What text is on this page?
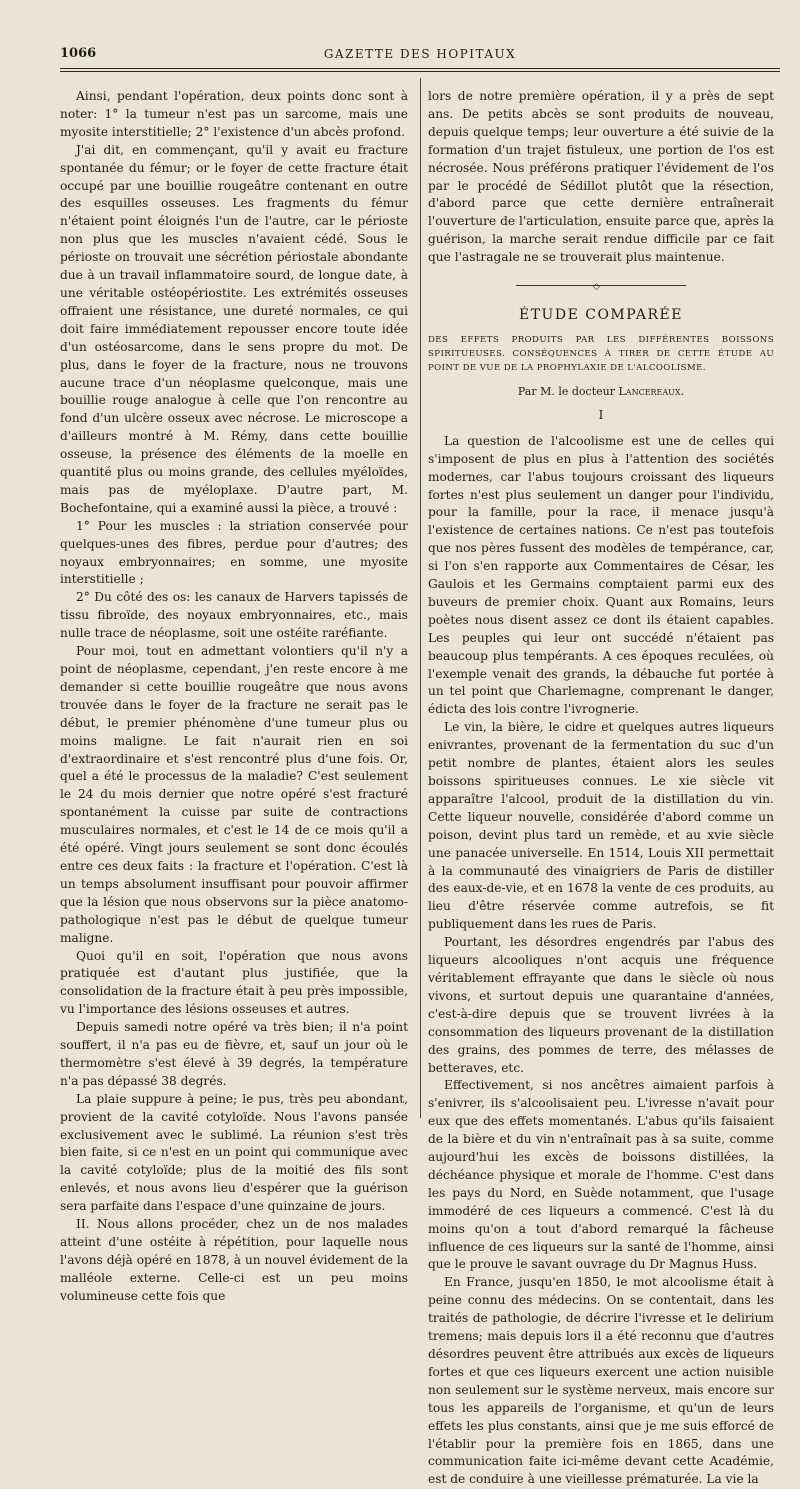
1066	GAZETTE DES HOPITAUX

Ainsi, pendant l'opération, deux points donc sont à noter: 1° la tumeur n'est pas un sarcome, mais une myosite interstitielle; 2° l'existence d'un abcès profond.

J'ai dit, en commençant, qu'il y avait eu fracture spontanée du fémur; or le foyer de cette fracture était occupé par une bouillie rougeâtre contenant en outre des esquilles osseuses. Les fragments du fémur n'étaient point éloignés l'un de l'autre, car le périoste non plus que les muscles n'avaient cédé. Sous le périoste on trouvait une sécrétion périostale abondante due à un travail inflammatoire sourd, de longue date, à une véritable ostéopériostite. Les extrémités osseuses offraient une résistance, une dureté normales, ce qui doit faire immédiatement repousser encore toute idée d'un ostéosarcome, dans le sens propre du mot. De plus, dans le foyer de la fracture, nous ne trouvons aucune trace d'un néoplasme quelconque, mais une bouillie rouge analogue à celle que l'on rencontre au fond d'un ulcère osseux avec nécrose. Le microscope a d'ailleurs montré à M. Rémy, dans cette bouillie osseuse, la présence des éléments de la moelle en quantité plus ou moins grande, des cellules myéloïdes, mais pas de myéloplaxe. D'autre part, M. Bochefontaine, qui a examiné aussi la pièce, a trouvé :

1° Pour les muscles : la striation conservée pour quelques-unes des fibres, perdue pour d'autres; des noyaux embryonnaires; en somme, une myosite interstitielle ;

2° Du côté des os: les canaux de Harvers tapissés de tissu fibroïde, des noyaux embryonnaires, etc., mais nulle trace de néoplasme, soit une ostéite raréfiante.

Pour moi, tout en admettant volontiers qu'il n'y a point de néoplasme, cependant, j'en reste encore à me demander si cette bouillie rougeâtre que nous avons trouvée dans le foyer de la fracture ne serait pas le début, le premier phénomène d'une tumeur plus ou moins maligne. Le fait n'aurait rien en soi d'extraordinaire et s'est rencontré plus d'une fois. Or, quel a été le processus de la maladie? C'est seulement le 24 du mois dernier que notre opéré s'est fracturé spontanément la cuisse par suite de contractions musculaires normales, et c'est le 14 de ce mois qu'il a été opéré. Vingt jours seulement se sont donc écoulés entre ces deux faits : la fracture et l'opération. C'est là un temps absolument insuffisant pour pouvoir affirmer que la lésion que nous observons sur la pièce anatomo-pathologique n'est pas le début de quelque tumeur maligne.

Quoi qu'il en soit, l'opération que nous avons pratiquée est d'autant plus justifiée, que la consolidation de la fracture était à peu près impossible, vu l'importance des lésions osseuses et autres.

Depuis samedi notre opéré va très bien; il n'a point souffert, il n'a pas eu de fièvre, et, sauf un jour où le thermomètre s'est élevé à 39 degrés, la température n'a pas dépassé 38 degrés.

La plaie suppure à peine; le pus, très peu abondant, provient de la cavité cotyloïde. Nous l'avons pansée exclusivement avec le sublimé. La réunion s'est très bien faite, si ce n'est en un point qui communique avec la cavité cotyloïde; plus de la moitié des fils sont enlevés, et nous avons lieu d'espérer que la guérison sera parfaite dans l'espace d'une quinzaine de jours.

II. Nous allons procéder, chez un de nos malades atteint d'une ostéite à répétition, pour laquelle nous l'avons déjà opéré en 1878, à un nouvel évidement de la malléole externe. Celle-ci est un peu moins volumineuse cette fois que

lors de notre première opération, il y a près de sept ans. De petits abcès se sont produits de nouveau, depuis quelque temps; leur ouverture a été suivie de la formation d'un trajet fistuleux, une portion de l'os est nécrosée. Nous préférons pratiquer l'évidement de l'os par le procédé de Sédillot plutôt que la résection, d'abord parce que cette dernière entraînerait l'ouverture de l'articulation, ensuite parce que, après la guérison, la marche serait rendue difficile par ce fait que l'astragale ne se trouverait plus maintenue.

◇
ÉTUDE COMPARÉE
DES EFFETS PRODUITS PAR LES DIFFÉRENTES BOISSONS SPIRITUEUSES. CONSÉQUENCES À TIRER DE CETTE ÉTUDE AU POINT DE VUE DE LA PROPHYLAXIE DE L'ALCOOLISME.
Par M. le docteur Lancereaux.
I

La question de l'alcoolisme est une de celles qui s'imposent de plus en plus à l'attention des sociétés modernes, car l'abus toujours croissant des liqueurs fortes n'est plus seulement un danger pour l'individu, pour la famille, pour la race, il menace jusqu'à l'existence de certaines nations. Ce n'est pas toutefois que nos pères fussent des modèles de tempérance, car, si l'on s'en rapporte aux Commentaires de César, les Gaulois et les Germains comptaient parmi eux des buveurs de premier choix. Quant aux Romains, leurs poètes nous disent assez ce dont ils étaient capables. Les peuples qui leur ont succédé n'étaient pas beaucoup plus tempérants. A ces époques reculées, où l'exemple venait des grands, la débauche fut portée à un tel point que Charlemagne, comprenant le danger, édicta des lois contre l'ivrognerie.

Le vin, la bière, le cidre et quelques autres liqueurs enivrantes, provenant de la fermentation du suc d'un petit nombre de plantes, étaient alors les seules boissons spiritueuses connues. Le xie siècle vit apparaître l'alcool, produit de la distillation du vin. Cette liqueur nouvelle, considérée d'abord comme un poison, devint plus tard un remède, et au xvie siècle une panacée universelle. En 1514, Louis XII permettait à la communauté des vinaigriers de Paris de distiller des eaux-de-vie, et en 1678 la vente de ces produits, au lieu d'être réservée comme autrefois, se fit publiquement dans les rues de Paris.

Pourtant, les désordres engendrés par l'abus des liqueurs alcooliques n'ont acquis une fréquence véritablement effrayante que dans le siècle où nous vivons, et surtout depuis une quarantaine d'années, c'est-à-dire depuis que se trouvent livrées à la consommation des liqueurs provenant de la distillation des grains, des pommes de terre, des mélasses de betteraves, etc.

Effectivement, si nos ancêtres aimaient parfois à s'enivrer, ils s'alcoolisaient peu. L'ivresse n'avait pour eux que des effets momentanés. L'abus qu'ils faisaient de la bière et du vin n'entraînait pas à sa suite, comme aujourd'hui les excès de boissons distillées, la déchéance physique et morale de l'homme. C'est dans les pays du Nord, en Suède notamment, que l'usage immodéré de ces liqueurs a commencé. C'est là du moins qu'on a tout d'abord remarqué la fâcheuse influence de ces liqueurs sur la santé de l'homme, ainsi que le prouve le savant ouvrage du Dr Magnus Huss.

En France, jusqu'en 1850, le mot alcoolisme était à peine connu des médecins. On se contentait, dans les traités de pathologie, de décrire l'ivresse et le delirium tremens; mais depuis lors il a été reconnu que d'autres désordres peuvent être attribués aux excès de liqueurs fortes et que ces liqueurs exercent une action nuisible non seulement sur le système nerveux, mais encore sur tous les appareils de l'organisme, et qu'un de leurs effets les plus constants, ainsi que je me suis efforcé de l'établir pour la première fois en 1865, dans une communication faite ici-même devant cette Académie, est de conduire à une vieillesse prématurée. La vie la
